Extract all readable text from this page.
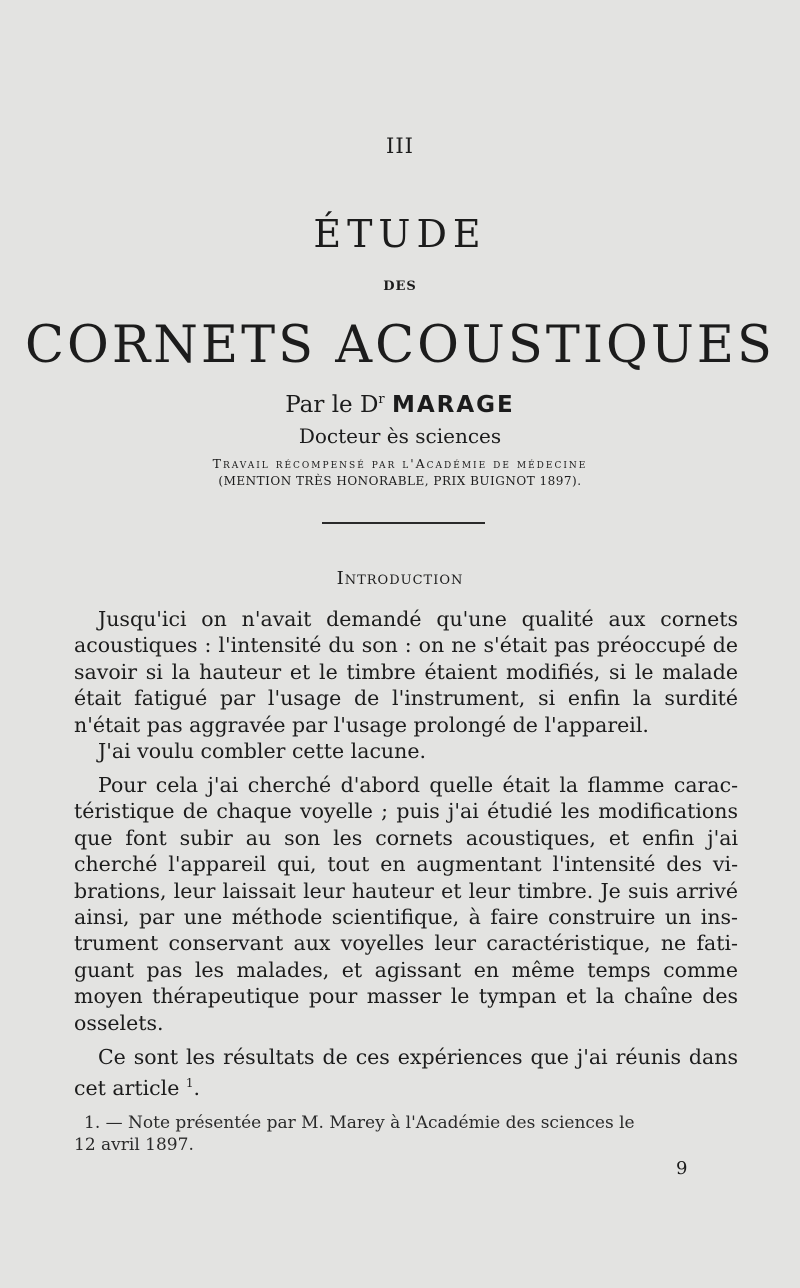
III
ÉTUDE
DES
CORNETS ACOUSTIQUES
Par le $D^r$ MARAGE
Docteur ès sciences
Travail récompensé par l'Académie de médecine
(MENTION TRÈS HONORABLE, PRIX BUIGNOT 1897).
Introduction
Jusqu'ici on n'avait demandé qu'une qualité aux cornets
acoustiques : l'intensité du son : on ne s'était pas préoccupé de
savoir si la hauteur et le timbre étaient modifiés, si le malade
était fatigué par l'usage de l'instrument, si enfin la surdité
n'était pas aggravée par l'usage prolongé de l'appareil.
J'ai voulu combler cette lacune.
Pour cela j'ai cherché d'abord quelle était la flamme carac-
téristique de chaque voyelle ; puis j'ai étudié les modifications
que font subir au son les cornets acoustiques, et enfin j'ai
cherché l'appareil qui, tout en augmentant l'intensité des vi-
brations, leur laissait leur hauteur et leur timbre. Je suis arrivé
ainsi, par une méthode scientifique, à faire construire un ins-
trument conservant aux voyelles leur caractéristique, ne fati-
guant pas les malades, et agissant en même temps comme
moyen thérapeutique pour masser le tympan et la chaîne des
osselets.
Ce sont les résultats de ces expériences que j'ai réunis dans
cet article $^1$.
1. — Note présentée par M. Marey à l'Académie des sciences le
12 avril 1897.
9
